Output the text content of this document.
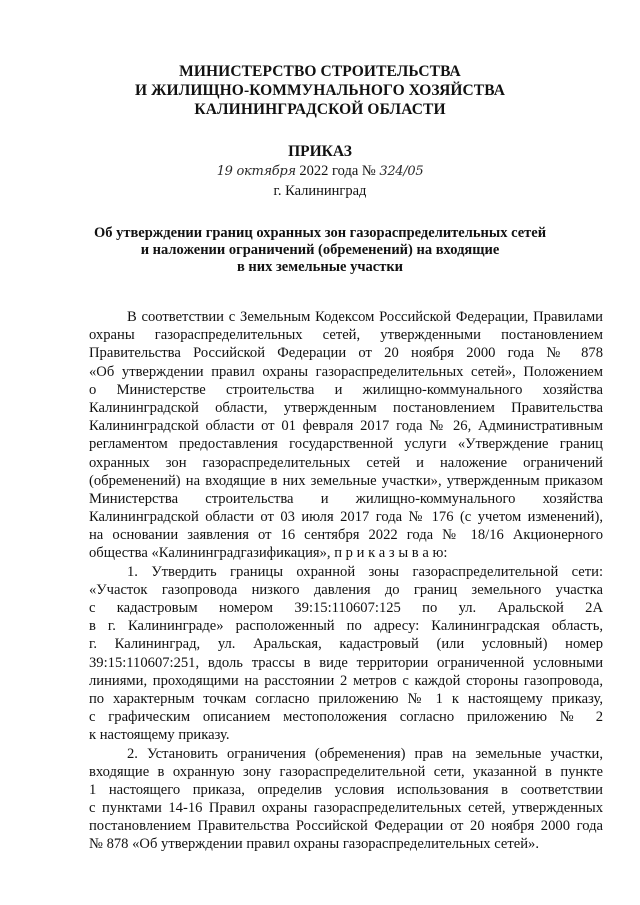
МИНИСТЕРСТВО СТРОИТЕЛЬСТВА
И ЖИЛИЩНО-КОММУНАЛЬНОГО ХОЗЯЙСТВА
КАЛИНИНГРАДСКОЙ ОБЛАСТИ
ПРИКАЗ
19 октября 2022 года № 324/05
г. Калининград
Об утверждении границ охранных зон газораспределительных сетей
и наложении ограничений (обременений) на входящие
в них земельные участки
В соответствии с Земельным Кодексом Российской Федерации, Правилами
охраны газораспределительных сетей, утвержденными постановлением
Правительства Российской Федерации от 20 ноября 2000 года № 878
«Об утверждении правил охраны газораспределительных сетей», Положением
о Министерстве строительства и жилищно-коммунального хозяйства
Калининградской области, утвержденным постановлением Правительства
Калининградской области от 01 февраля 2017 года № 26, Административным
регламентом предоставления государственной услуги «Утверждение границ
охранных зон газораспределительных сетей и наложение ограничений
(обременений) на входящие в них земельные участки», утвержденным приказом
Министерства строительства и жилищно-коммунального хозяйства
Калининградской области от 03 июля 2017 года № 176 (с учетом изменений),
на основании заявления от 16 сентября 2022 года № 18/16 Акционерного
общества «Калининградгазификация», п р и к а з ы в а ю:
1. Утвердить границы охранной зоны газораспределительной сети:
«Участок газопровода низкого давления до границ земельного участка
с кадастровым номером 39:15:110607:125 по ул. Аральской 2А
в г. Калининграде» расположенный по адресу: Калининградская область,
г. Калининград, ул. Аральская, кадастровый (или условный) номер
39:15:110607:251, вдоль трассы в виде территории ограниченной условными
линиями, проходящими на расстоянии 2 метров с каждой стороны газопровода,
по характерным точкам согласно приложению № 1 к настоящему приказу,
с графическим описанием местоположения согласно приложению № 2
к настоящему приказу.
2. Установить ограничения (обременения) прав на земельные участки,
входящие в охранную зону газораспределительной сети, указанной в пункте
1 настоящего приказа, определив условия использования в соответствии
с пунктами 14-16 Правил охраны газораспределительных сетей, утвержденных
постановлением Правительства Российской Федерации от 20 ноября 2000 года
№ 878 «Об утверждении правил охраны газораспределительных сетей».
